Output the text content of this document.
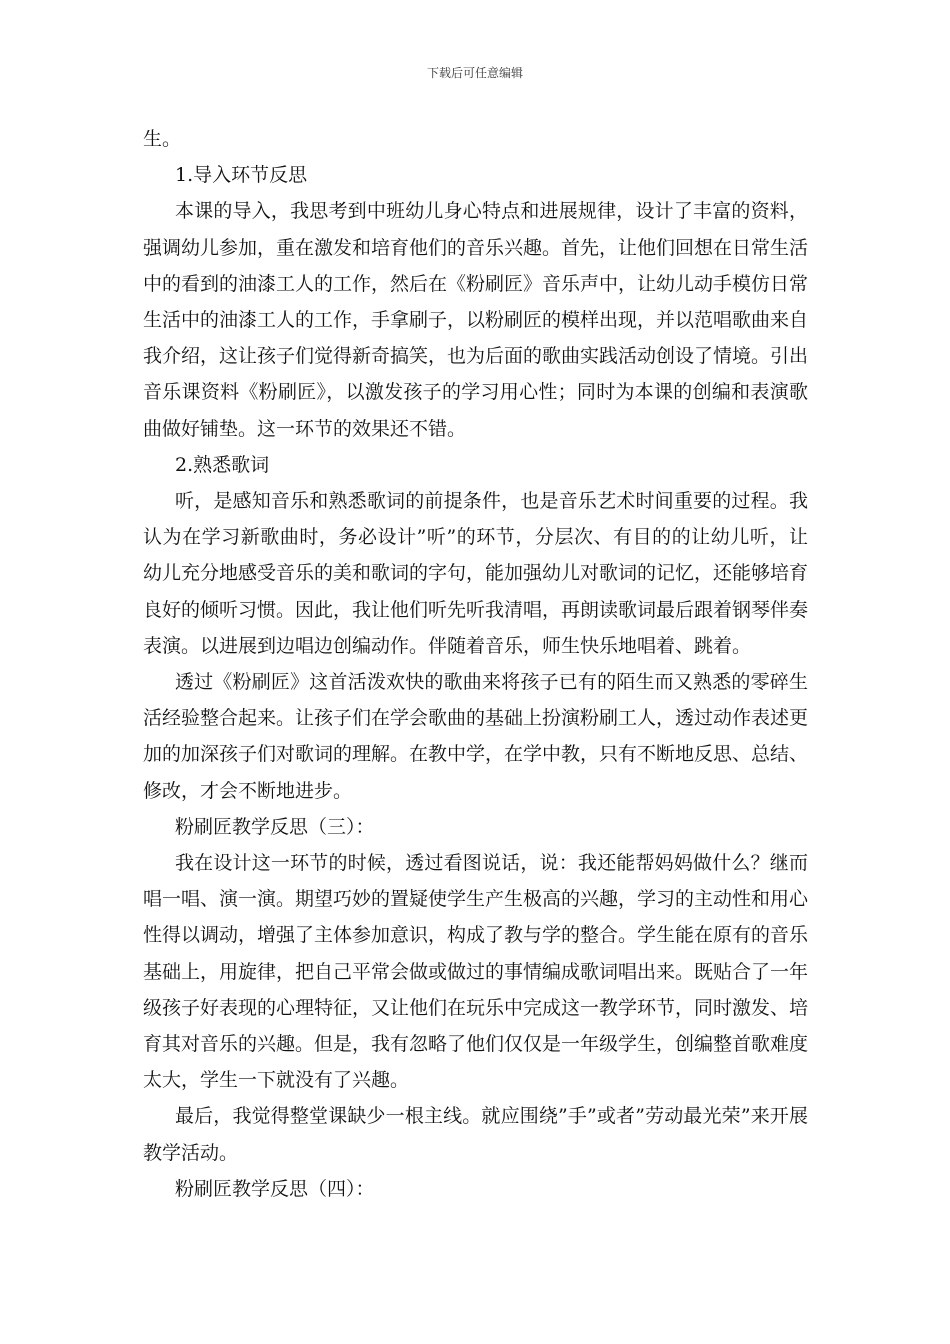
下载后可任意编辑

生。

1.导入环节反思

本课的导入，我思考到中班幼儿身心特点和进展规律，设计了丰富的资料，强调幼儿参加，重在激发和培育他们的音乐兴趣。首先，让他们回想在日常生活中的看到的油漆工人的工作，然后在《粉刷匠》音乐声中，让幼儿动手模仿日常生活中的油漆工人的工作，手拿刷子，以粉刷匠的模样出现，并以范唱歌曲来自我介绍，这让孩子们觉得新奇搞笑，也为后面的歌曲实践活动创设了情境。引出音乐课资料《粉刷匠》，以激发孩子的学习用心性；同时为本课的创编和表演歌曲做好铺垫。这一环节的效果还不错。

2.熟悉歌词

听，是感知音乐和熟悉歌词的前提条件，也是音乐艺术时间重要的过程。我认为在学习新歌曲时，务必设计”听”的环节，分层次、有目的的让幼儿听，让幼儿充分地感受音乐的美和歌词的字句，能加强幼儿对歌词的记忆，还能够培育良好的倾听习惯。因此，我让他们听先听我清唱，再朗读歌词最后跟着钢琴伴奏表演。以进展到边唱边创编动作。伴随着音乐，师生快乐地唱着、跳着。

透过《粉刷匠》这首活泼欢快的歌曲来将孩子已有的陌生而又熟悉的零碎生活经验整合起来。让孩子们在学会歌曲的基础上扮演粉刷工人，透过动作表述更加的加深孩子们对歌词的理解。在教中学，在学中教，只有不断地反思、总结、修改，才会不断地进步。

粉刷匠教学反思（三）：

我在设计这一环节的时候，透过看图说话，说：我还能帮妈妈做什么？继而唱一唱、演一演。期望巧妙的置疑使学生产生极高的兴趣，学习的主动性和用心性得以调动，增强了主体参加意识，构成了教与学的整合。学生能在原有的音乐基础上，用旋律，把自己平常会做或做过的事情编成歌词唱出来。既贴合了一年级孩子好表现的心理特征，又让他们在玩乐中完成这一教学环节，同时激发、培育其对音乐的兴趣。但是，我有忽略了他们仅仅是一年级学生，创编整首歌难度太大，学生一下就没有了兴趣。

最后，我觉得整堂课缺少一根主线。就应围绕”手”或者”劳动最光荣”来开展教学活动。

粉刷匠教学反思（四）：
